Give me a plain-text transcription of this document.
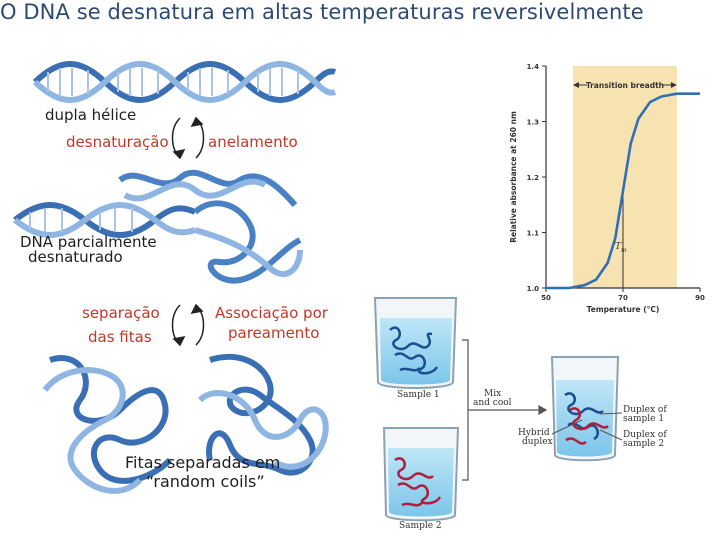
O DNA se desnatura em altas temperaturas reversivelmente
1.0
1.1
1.2
1.3
1.4
50	70	90
Temperature (°C)
Relative absorbance at 260 nm
Transition breadth
T m
dupla hélice
desnaturação	anelamento
DNA parcialmente
desnaturado
separação
das fitas
Associação por
pareamento
Fitas separadas em
“random coils”
Sample 1
Sample 2
Mix
and cool
Hybrid
duplex
Duplex of
sample 1
Duplex of
sample 2
